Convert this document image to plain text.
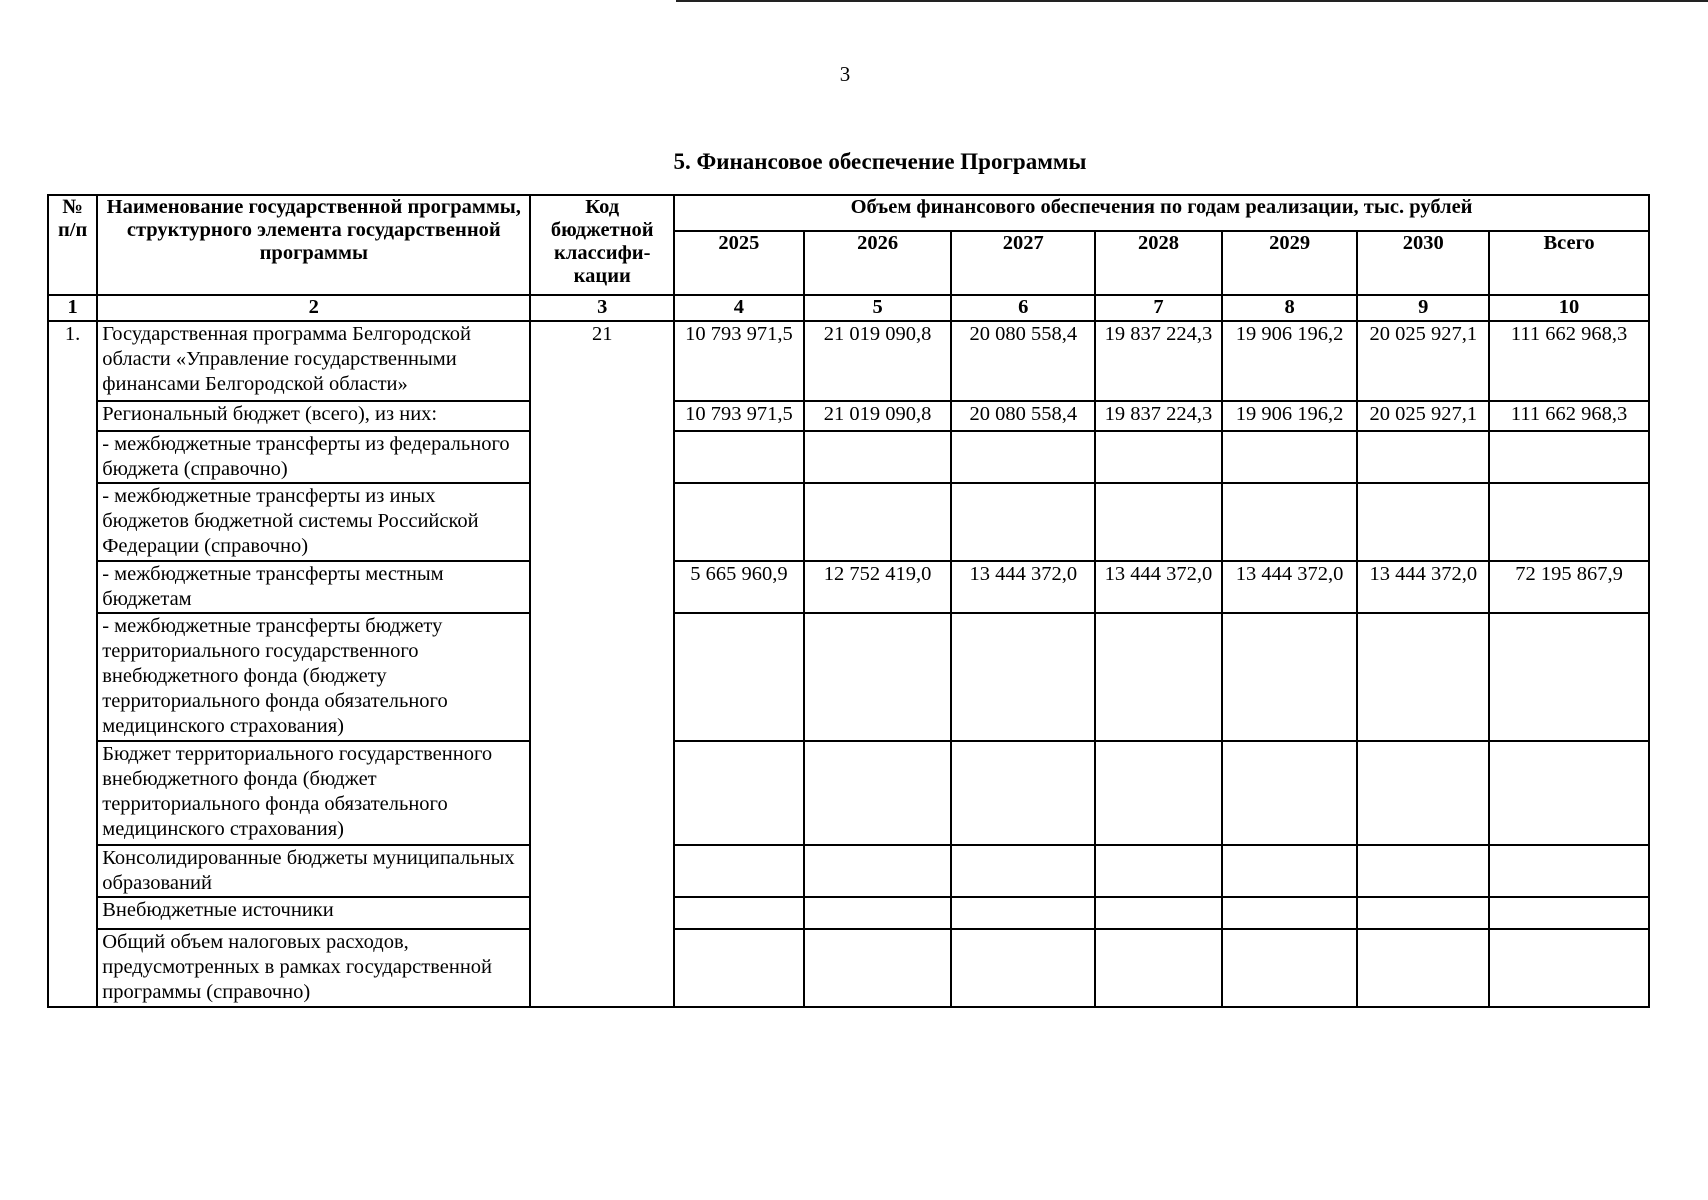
3
5. Финансовое обеспечение Программы
№ п/п	Наименование государственной программы, структурного элемента государственной программы	Код бюджетной классифи-кации	Объем финансового обеспечения по годам реализации, тыс. рублей						
			2025	2026	2027	2028	2029	2030	Всего
1	2	3	4	5	6	7	8	9	10
1.	Государственная программа Белгородской области «Управление государственными финансами Белгородской области»	21	10 793 971,5	21 019 090,8	20 080 558,4	19 837 224,3	19 906 196,2	20 025 927,1	111 662 968,3
	Региональный бюджет (всего), из них:		10 793 971,5	21 019 090,8	20 080 558,4	19 837 224,3	19 906 196,2	20 025 927,1	111 662 968,3
	- межбюджетные трансферты из федерального бюджета (справочно)								
	- межбюджетные трансферты из иных бюджетов бюджетной системы Российской Федерации (справочно)								
	- межбюджетные трансферты местным бюджетам		5 665 960,9	12 752 419,0	13 444 372,0	13 444 372,0	13 444 372,0	13 444 372,0	72 195 867,9
	- межбюджетные трансферты бюджету территориального государственного внебюджетного фонда (бюджету территориального фонда обязательного медицинского страхования)								
	Бюджет территориального государственного внебюджетного фонда (бюджет территориального фонда обязательного медицинского страхования)								
	Консолидированные бюджеты муниципальных образований								
	Внебюджетные источники								
	Общий объем налоговых расходов, предусмотренных в рамках государственной программы (справочно)								
